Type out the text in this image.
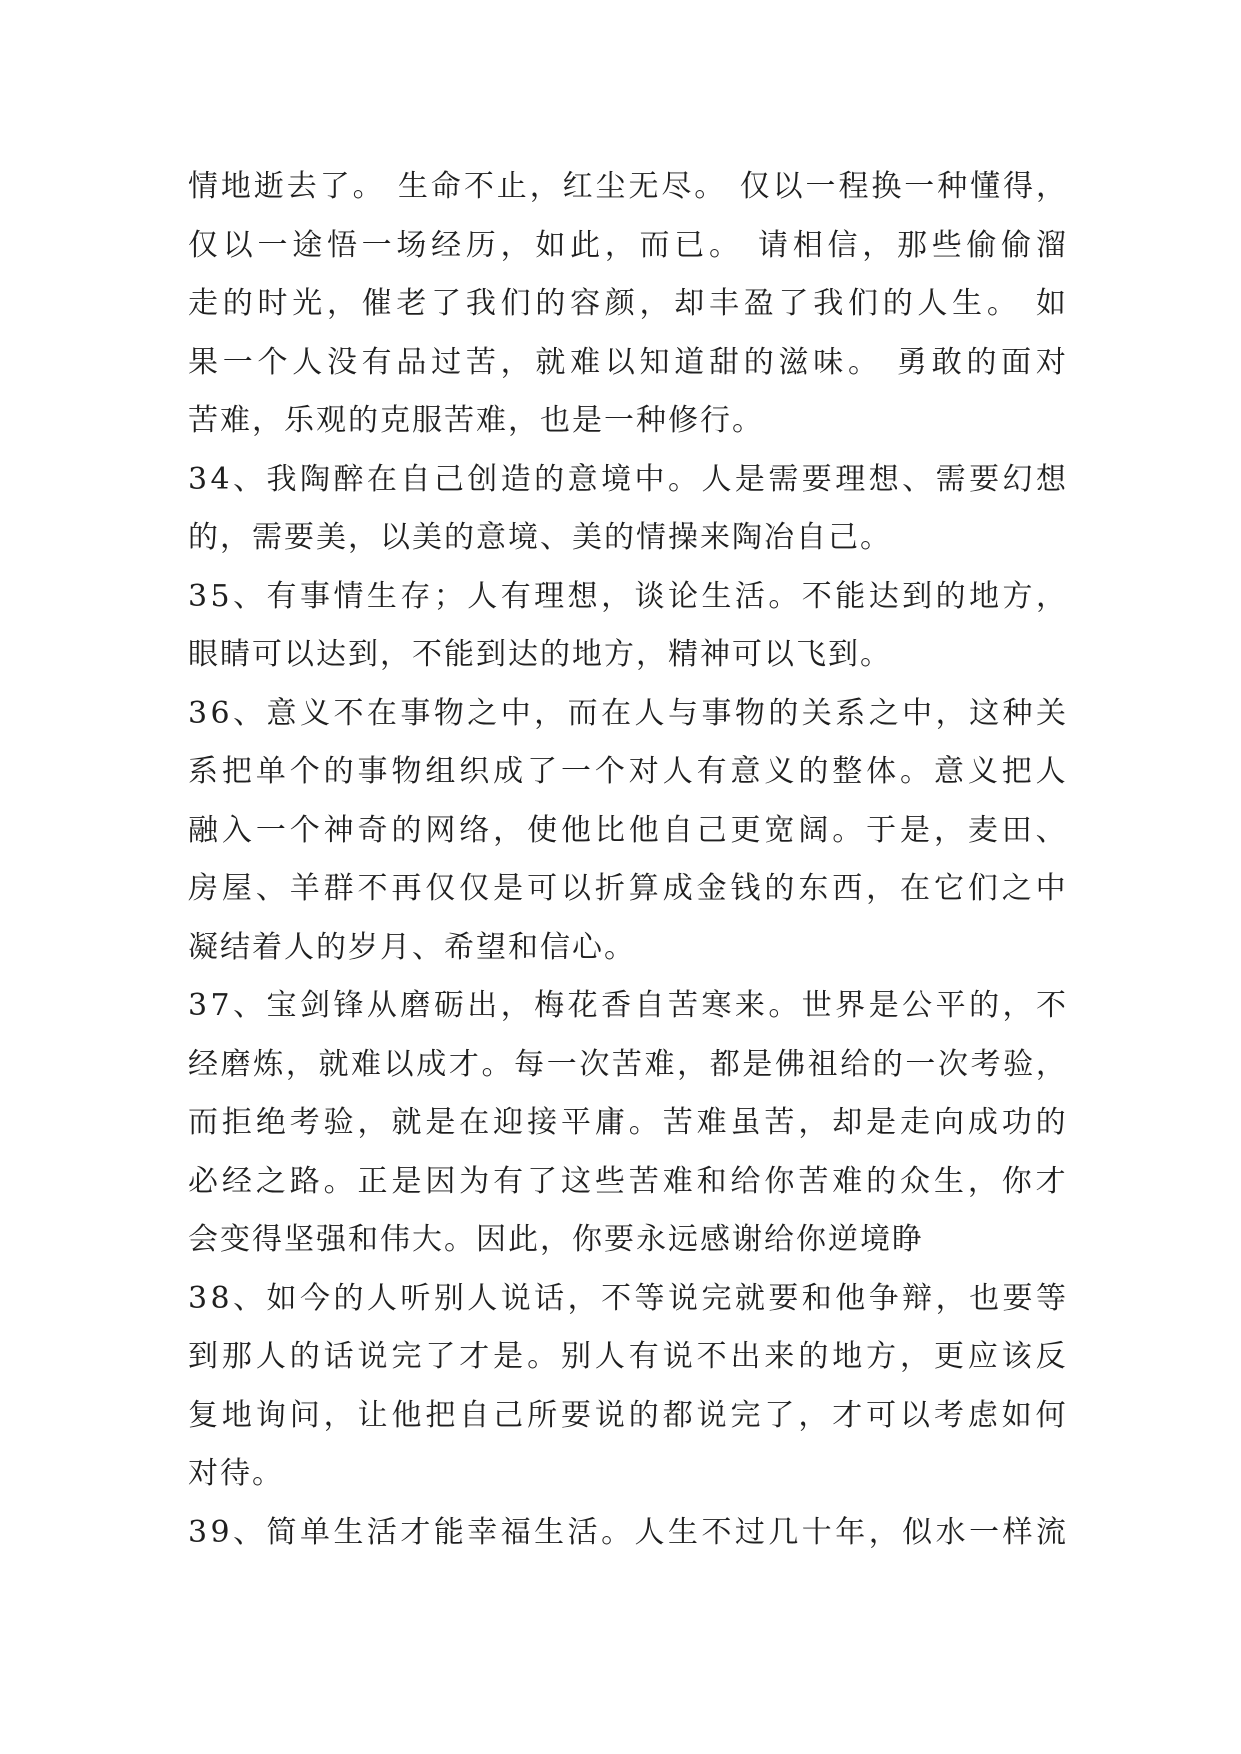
情 地 逝 去 了 。
生 命 不 止 ， 红 尘 无 尽 。
仅 以 一 程 换 一 种 懂 得 ，
仅 以 一 途 悟 一 场 经 历 ， 如 此 ， 而 已 。
请 相 信 ， 那 些 偷 偷 溜
走 的 时 光 ， 催 老 了 我 们 的 容 颜 ， 却 丰 盈 了 我 们 的 人 生 。
如
果 一 个 人 没 有 品 过 苦 ， 就 难 以 知 道 甜 的 滋 味 。
勇 敢 的 面 对
苦难，乐观的克服苦难，也是一种修行。
3 4 、 我 陶 醉 在 自 己 创 造 的 意 境 中 。 人 是 需 要 理 想 、 需 要 幻 想
的，需要美，以美的意境、美的情操来陶冶自己。
3 5 、 有 事 情 生 存 ； 人 有 理 想 ， 谈 论 生 活 。 不 能 达 到 的 地 方 ，
眼睛可以达到，不能到达的地方，精神可以飞到。
3 6 、 意 义 不 在 事 物 之 中 ， 而 在 人 与 事 物 的 关 系 之 中 ， 这 种 关
系 把 单 个 的 事 物 组 织 成 了 一 个 对 人 有 意 义 的 整 体 。 意 义 把 人
融 入 一 个 神 奇 的 网 络 ， 使 他 比 他 自 己 更 宽 阔 。 于 是 ， 麦 田 、
房 屋 、 羊 群 不 再 仅 仅 是 可 以 折 算 成 金 钱 的 东 西 ， 在 它 们 之 中
凝结着人的岁月、希望和信心。
3 7 、 宝 剑 锋 从 磨 砺 出 ， 梅 花 香 自 苦 寒 来 。 世 界 是 公 平 的 ， 不
经 磨 炼 ， 就 难 以 成 才 。 每 一 次 苦 难 ， 都 是 佛 祖 给 的 一 次 考 验 ，
而 拒 绝 考 验 ， 就 是 在 迎 接 平 庸 。 苦 难 虽 苦 ， 却 是 走 向 成 功 的
必 经 之 路 。 正 是 因 为 有 了 这 些 苦 难 和 给 你 苦 难 的 众 生 ， 你 才
会变得坚强和伟大。因此，你要永远感谢给你逆境睁
3 8 、 如 今 的 人 听 别 人 说 话 ， 不 等 说 完 就 要 和 他 争 辩 ， 也 要 等
到 那 人 的 话 说 完 了 才 是 。 别 人 有 说 不 出 来 的 地 方 ， 更 应 该 反
复 地 询 问 ， 让 他 把 自 己 所 要 说 的 都 说 完 了 ， 才 可 以 考 虑 如 何
对待。
3 9 、 简 单 生 活 才 能 幸 福 生 活 。 人 生 不 过 几 十 年 ， 似 水 一 样 流
